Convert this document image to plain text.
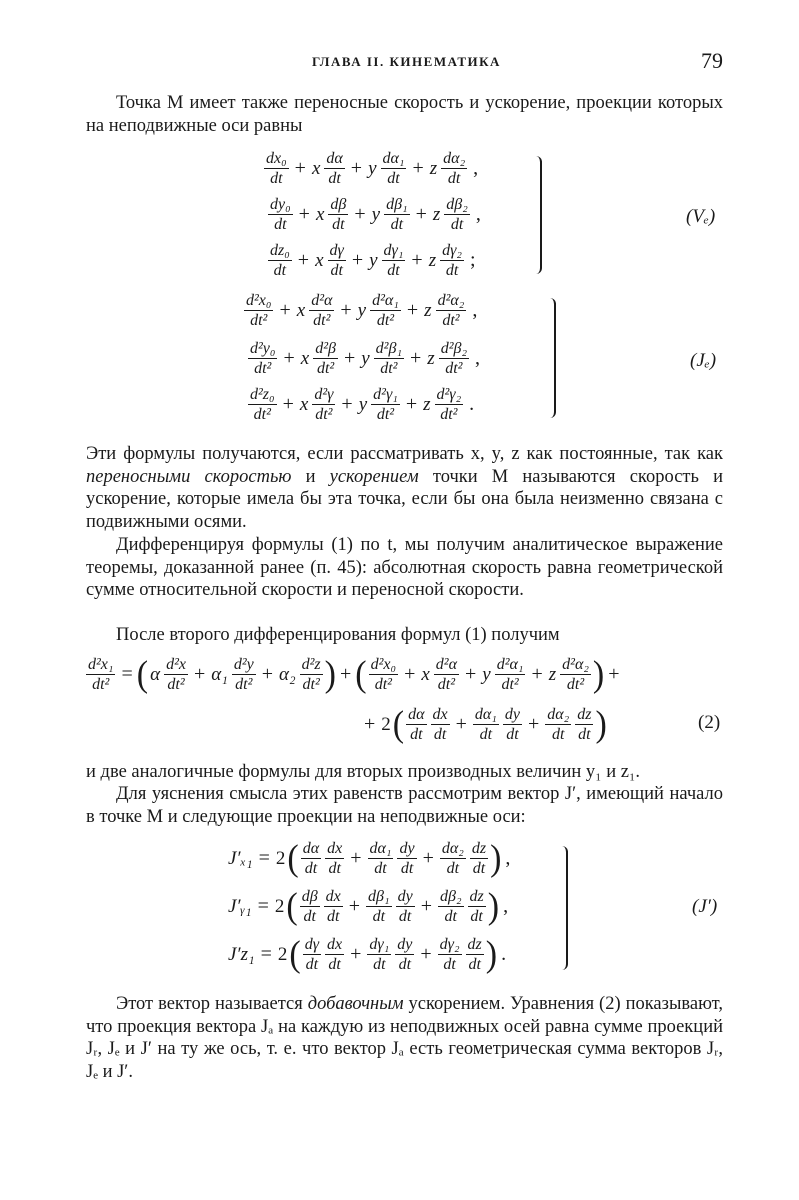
ГЛАВА II. КИНЕМАТИКА	79

Точка M имеет также переносные скорость и ускорение, проекции которых на неподвижные оси равны

$\frac{\text{dx₀}}{dt} + x \frac{d\alpha}{dt} + y \frac{\text{dα₁}}{dt} + z \frac{\text{dα₂}}{dt}$ ,
$\frac{\text{dy₀}}{dt} + x \frac{d\beta}{dt} + y \frac{\text{dβ₁}}{dt} + z \frac{\text{dβ₂}}{dt}$ ,
$\frac{\text{dz₀}}{dt} + x \frac{d\gamma}{dt} + y \frac{\text{dγ₁}}{dt} + z \frac{\text{dγ₂}}{dt}$ ;
(Vₑ)
$\frac{\text{d²x₀}}{\text{dt²}} + x \frac{\text{d²α}}{\text{dt²}} + y \frac{\text{d²α₁}}{\text{dt²}} + z \frac{\text{d²α₂}}{\text{dt²}}$ ,
$\frac{\text{d²y₀}}{\text{dt²}} + x \frac{\text{d²β}}{\text{dt²}} + y \frac{\text{d²β₁}}{\text{dt²}} + z \frac{\text{d²β₂}}{\text{dt²}}$ ,
$\frac{\text{d²z₀}}{\text{dt²}} + x \frac{\text{d²γ}}{\text{dt²}} + y \frac{\text{d²γ₁}}{\text{dt²}} + z \frac{\text{d²γ₂}}{\text{dt²}}$ .
(Jₑ)

Эти формулы получаются, если рассматривать x, y, z как постоянные, так как переносными скоростью и ускорением точки M называются скорость и ускорение, которые имела бы эта точка, если бы она была неизменно связана с подвижными осями.

Дифференцируя формулы (1) по t, мы получим аналитическое выражение теоремы, доказанной ранее (п. 45): абсолютная скорость равна геометрической сумме относительной скорости и переносной скорости.

После второго дифференцирования формул (1) получим

$\frac{\text{d²x₁}}{\text{dt²}}$ = ( α $\frac{\text{d²x}}{\text{dt²}} + \alpha_1 \frac{\text{d²y}}{\text{dt²}} + \alpha_2 \frac{\text{d²z}}{\text{dt²}}$ ) + ( $\frac{\text{d²x₀}}{\text{dt²}} + x \frac{\text{d²α}}{\text{dt²}} + y \frac{\text{d²α₁}}{\text{dt²}} + z \frac{\text{d²α₂}}{\text{dt²}}$ ) +
+ 2 ( $\frac{d\alpha}{dt} \frac{dx}{dt} + \frac{\text{dα₁}}{dt} \frac{dy}{dt} + \frac{\text{dα₂}}{dt} \frac{dz}{dt}$ )	(2)

и две аналогичные формулы для вторых производных величин y₁ и z₁.

Для уяснения смысла этих равенств рассмотрим вектор J′, имеющий начало в точке M и следующие проекции на неподвижные оси:

J′ₓ₁ = 2 ( $\frac{d\alpha}{dt} \frac{dx}{dt} + \frac{\text{dα₁}}{dt} \frac{dy}{dt} + \frac{\text{dα₂}}{dt} \frac{dz}{dt}$ ) ,
J′ᵧ₁ = 2 ( $\frac{d\beta}{dt} \frac{dx}{dt} + \frac{\text{dβ₁}}{dt} \frac{dy}{dt} + \frac{\text{dβ₂}}{dt} \frac{dz}{dt}$ ) ,
J′z₁ = 2 ( $\frac{d\gamma}{dt} \frac{dx}{dt} + \frac{\text{dγ₁}}{dt} \frac{dy}{dt} + \frac{\text{dγ₂}}{dt} \frac{dz}{dt}$ ) .
(J′)

Этот вектор называется добавочным ускорением. Уравнения (2) показывают, что проекция вектора Jₐ на каждую из неподвижных осей равна сумме проекций Jᵣ, Jₑ и J′ на ту же ось, т. е. что вектор Jₐ есть геометрическая сумма векторов Jᵣ, Jₑ и J′.
